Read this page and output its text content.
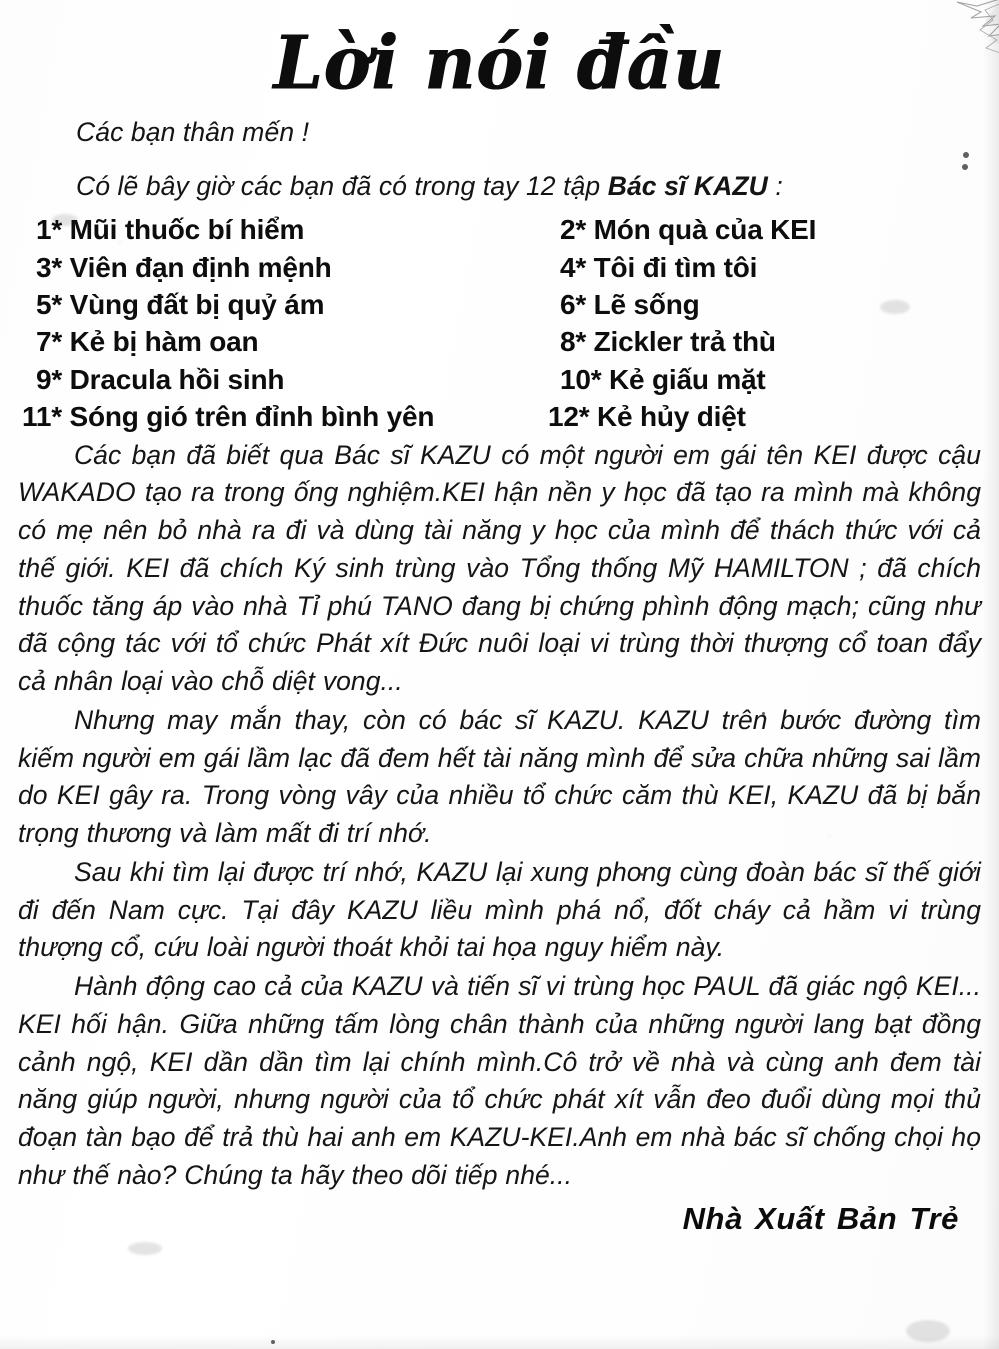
Lời nói đầu

Các bạn thân mến !

Có lẽ bây giờ các bạn đã có trong tay 12 tập Bác sĩ KAZU :

1* Mũi thuốc bí hiểm	2* Món quà của KEI
3* Viên đạn định mệnh	4* Tôi đi tìm tôi
5* Vùng đất bị quỷ ám	6* Lẽ sống
7* Kẻ bị hàm oan	8* Zickler trả thù
9* Dracula hồi sinh	10* Kẻ giấu mặt
11* Sóng gió trên đỉnh bình yên	12* Kẻ hủy diệt

Các bạn đã biết qua Bác sĩ KAZU có một người em gái tên KEI được cậu WAKADO tạo ra trong ống nghiệm.KEI hận nền y học đã tạo ra mình mà không có mẹ nên bỏ nhà ra đi và dùng tài năng y học của mình để thách thức với cả thế giới. KEI đã chích Ký sinh trùng vào Tổng thống Mỹ HAMILTON ; đã chích thuốc tăng áp vào nhà Tỉ phú TANO đang bị chứng phình động mạch; cũng như đã cộng tác với tổ chức Phát xít Đức nuôi loại vi trùng thời thượng cổ toan đẩy cả nhân loại vào chỗ diệt vong...

Nhưng may mắn thay, còn có bác sĩ KAZU. KAZU trên bước đường tìm kiếm người em gái lầm lạc đã đem hết tài năng mình để sửa chữa những sai lầm do KEI gây ra. Trong vòng vây của nhiều tổ chức căm thù KEI, KAZU đã bị bắn trọng thương và làm mất đi trí nhớ.

Sau khi tìm lại được trí nhớ, KAZU lại xung phong cùng đoàn bác sĩ thế giới đi đến Nam cực. Tại đây KAZU liều mình phá nổ, đốt cháy cả hầm vi trùng thượng cổ, cứu loài người thoát khỏi tai họa nguy hiểm này.

Hành động cao cả của KAZU và tiến sĩ vi trùng học PAUL đã giác ngộ KEI... KEI hối hận. Giữa những tấm lòng chân thành của những người lang bạt đồng cảnh ngộ, KEI dần dần tìm lại chính mình.Cô trở về nhà và cùng anh đem tài năng giúp người, nhưng người của tổ chức phát xít vẫn đeo đuổi dùng mọi thủ đoạn tàn bạo để trả thù hai anh em KAZU-KEI.Anh em nhà bác sĩ chống chọi họ như thế nào? Chúng ta hãy theo dõi tiếp nhé...

Nhà Xuất Bản Trẻ
